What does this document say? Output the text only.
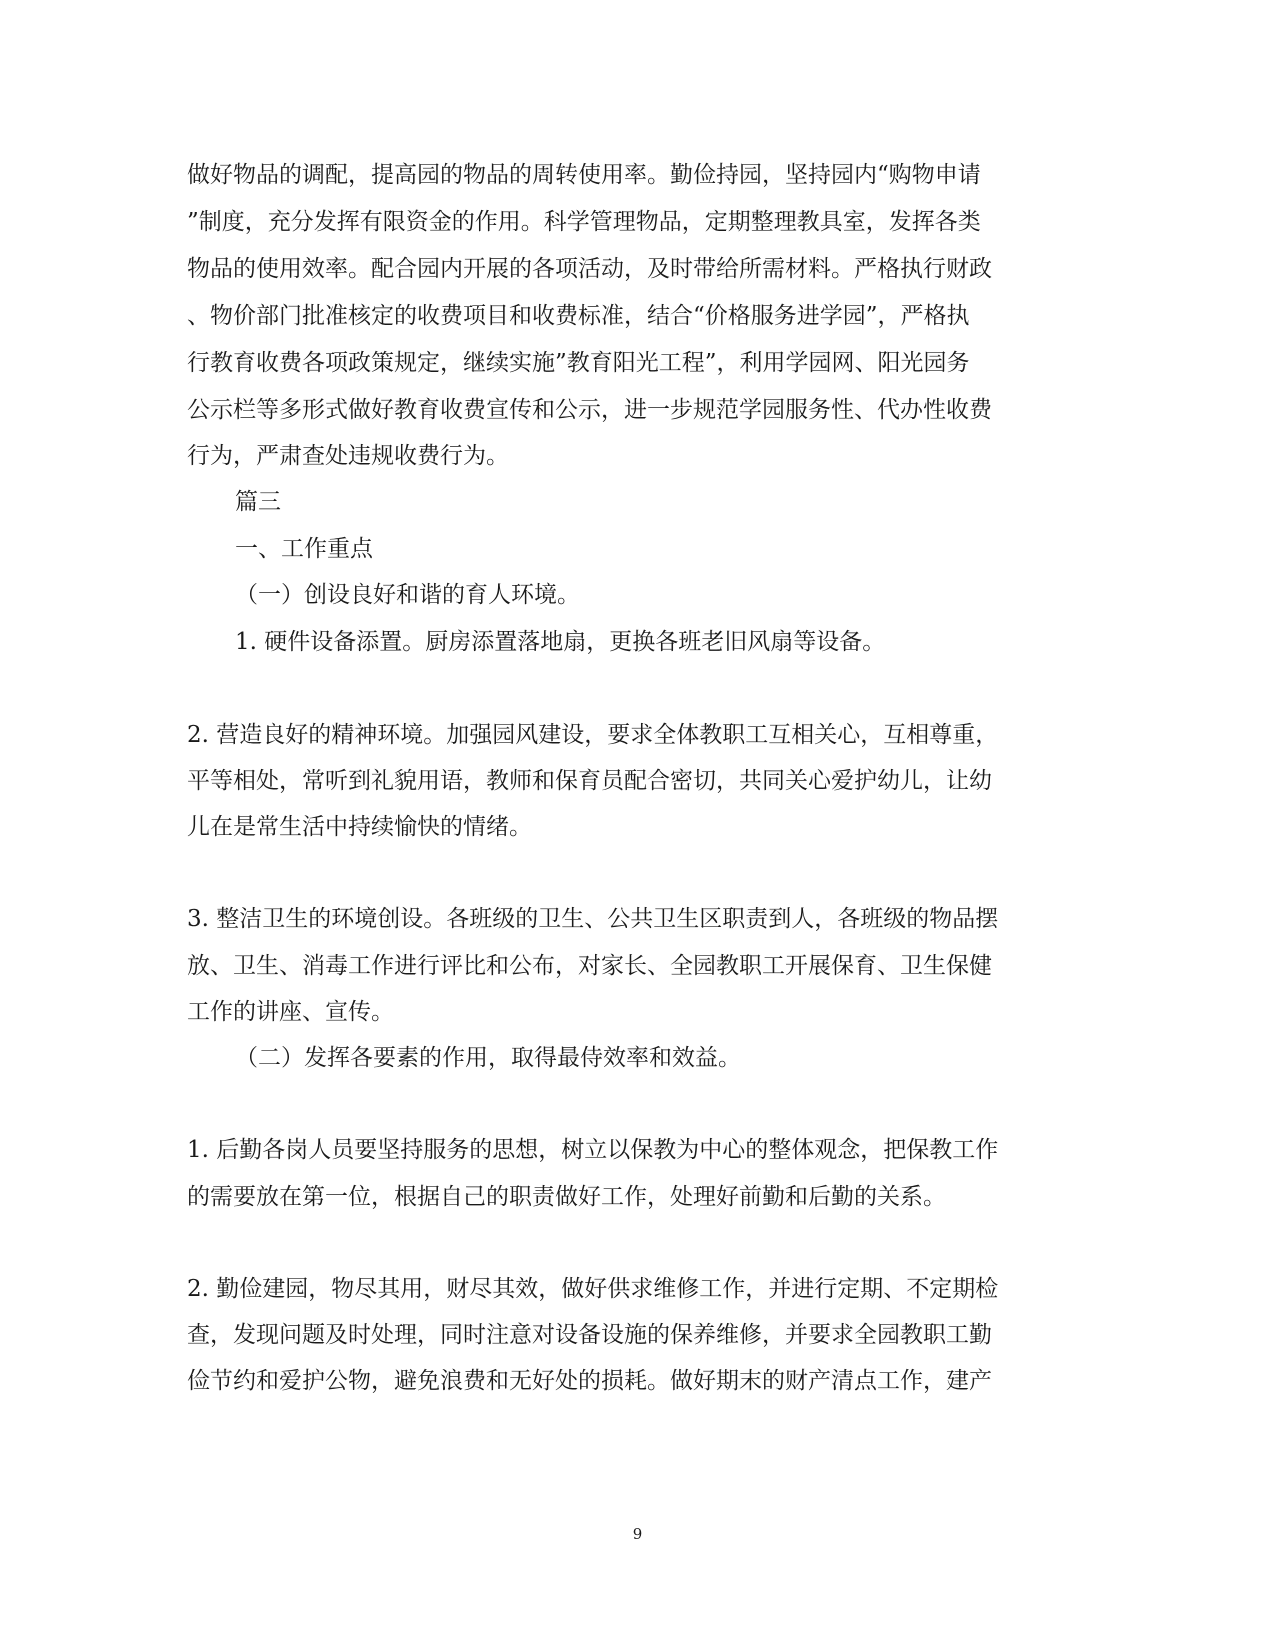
做好物品的调配，提高园的物品的周转使用率。勤俭持园，坚持园内“购物申请
”制度，充分发挥有限资金的作用。科学管理物品，定期整理教具室，发挥各类
物品的使用效率。配合园内开展的各项活动，及时带给所需材料。严格执行财政
、物价部门批准核定的收费项目和收费标准，结合“价格服务进学园”，严格执
行教育收费各项政策规定，继续实施”教育阳光工程”，利用学园网、阳光园务
公示栏等多形式做好教育收费宣传和公示，进一步规范学园服务性、代办性收费
行为，严肃查处违规收费行为。
篇三
一、工作重点
（一）创设良好和谐的育人环境。
1. 硬件设备添置。厨房添置落地扇，更换各班老旧风扇等设备。
2. 营造良好的精神环境。加强园风建设，要求全体教职工互相关心，互相尊重，
平等相处，常听到礼貌用语，教师和保育员配合密切，共同关心爱护幼儿，让幼
儿在是常生活中持续愉快的情绪。
3. 整洁卫生的环境创设。各班级的卫生、公共卫生区职责到人，各班级的物品摆
放、卫生、消毒工作进行评比和公布，对家长、全园教职工开展保育、卫生保健
工作的讲座、宣传。
（二）发挥各要素的作用，取得最侍效率和效益。
1. 后勤各岗人员要坚持服务的思想，树立以保教为中心的整体观念，把保教工作
的需要放在第一位，根据自己的职责做好工作，处理好前勤和后勤的关系。
2. 勤俭建园，物尽其用，财尽其效，做好供求维修工作，并进行定期、不定期检
查，发现问题及时处理，同时注意对设备设施的保养维修，并要求全园教职工勤
俭节约和爱护公物，避免浪费和无好处的损耗。做好期末的财产清点工作，建产
9
